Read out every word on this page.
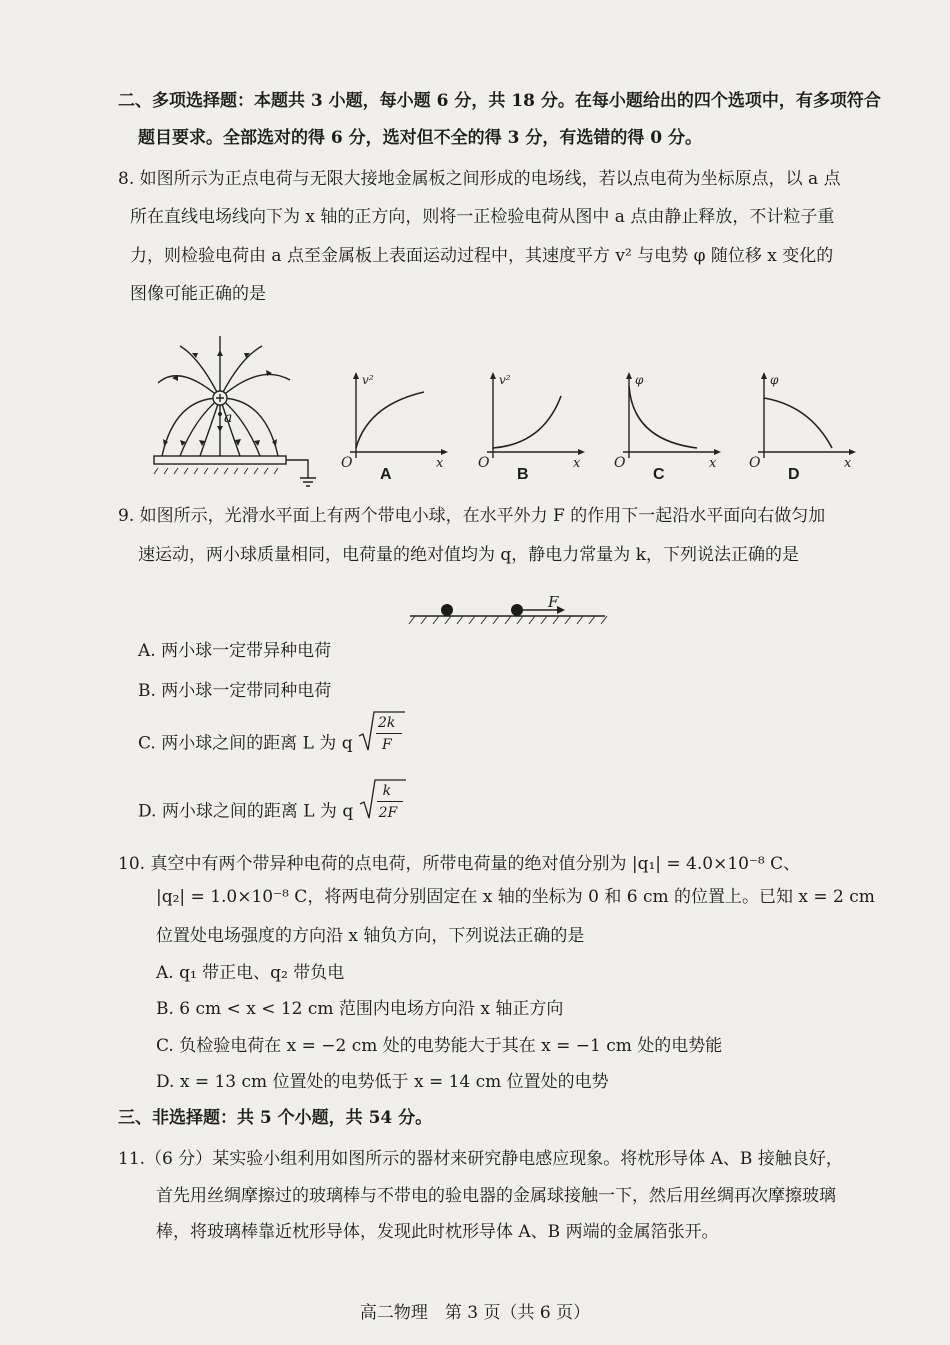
二、多项选择题：本题共 3 小题，每小题 6 分，共 18 分。在每小题给出的四个选项中，有多项符合
题目要求。全部选对的得 6 分，选对但不全的得 3 分，有选错的得 0 分。
8. 如图所示为正点电荷与无限大接地金属板之间形成的电场线，若以点电荷为坐标原点，以 a 点
所在直线电场线向下为 x 轴的正方向，则将一正检验电荷从图中 a 点由静止释放，不计粒子重
力，则检验电荷由 a 点至金属板上表面运动过程中，其速度平方 v² 与电势 φ 随位移 x 变化的
图像可能正确的是
a
v²
x
O
A
v²
x
O
B
φ
x
O
C
φ
x
O
D
9. 如图所示，光滑水平面上有两个带电小球，在水平外力 F 的作用下一起沿水平面向右做匀加
速运动，两小球质量相同，电荷量的绝对值均为 q，静电力常量为 k，下列说法正确的是
F
A. 两小球一定带异种电荷
B. 两小球一定带同种电荷
C. 两小球之间的距离 L 为 q $\frac{2k}{F}$
D. 两小球之间的距离 L 为 q $\frac{k}{2F}$
10. 真空中有两个带异种电荷的点电荷，所带电荷量的绝对值分别为 |q₁| = 4.0×10⁻⁸ C、
|q₂| = 1.0×10⁻⁸ C，将两电荷分别固定在 x 轴的坐标为 0 和 6 cm 的位置上。已知 x = 2 cm
位置处电场强度的方向沿 x 轴负方向，下列说法正确的是
A. q₁ 带正电、q₂ 带负电
B. 6 cm < x < 12 cm 范围内电场方向沿 x 轴正方向
C. 负检验电荷在 x = −2 cm 处的电势能大于其在 x = −1 cm 处的电势能
D. x = 13 cm 位置处的电势低于 x = 14 cm 位置处的电势
三、非选择题：共 5 个小题，共 54 分。
11.（6 分）某实验小组利用如图所示的器材来研究静电感应现象。将枕形导体 A、B 接触良好，
首先用丝绸摩擦过的玻璃棒与不带电的验电器的金属球接触一下，然后用丝绸再次摩擦玻璃
棒，将玻璃棒靠近枕形导体，发现此时枕形导体 A、B 两端的金属箔张开。
高二物理　第 3 页（共 6 页）
